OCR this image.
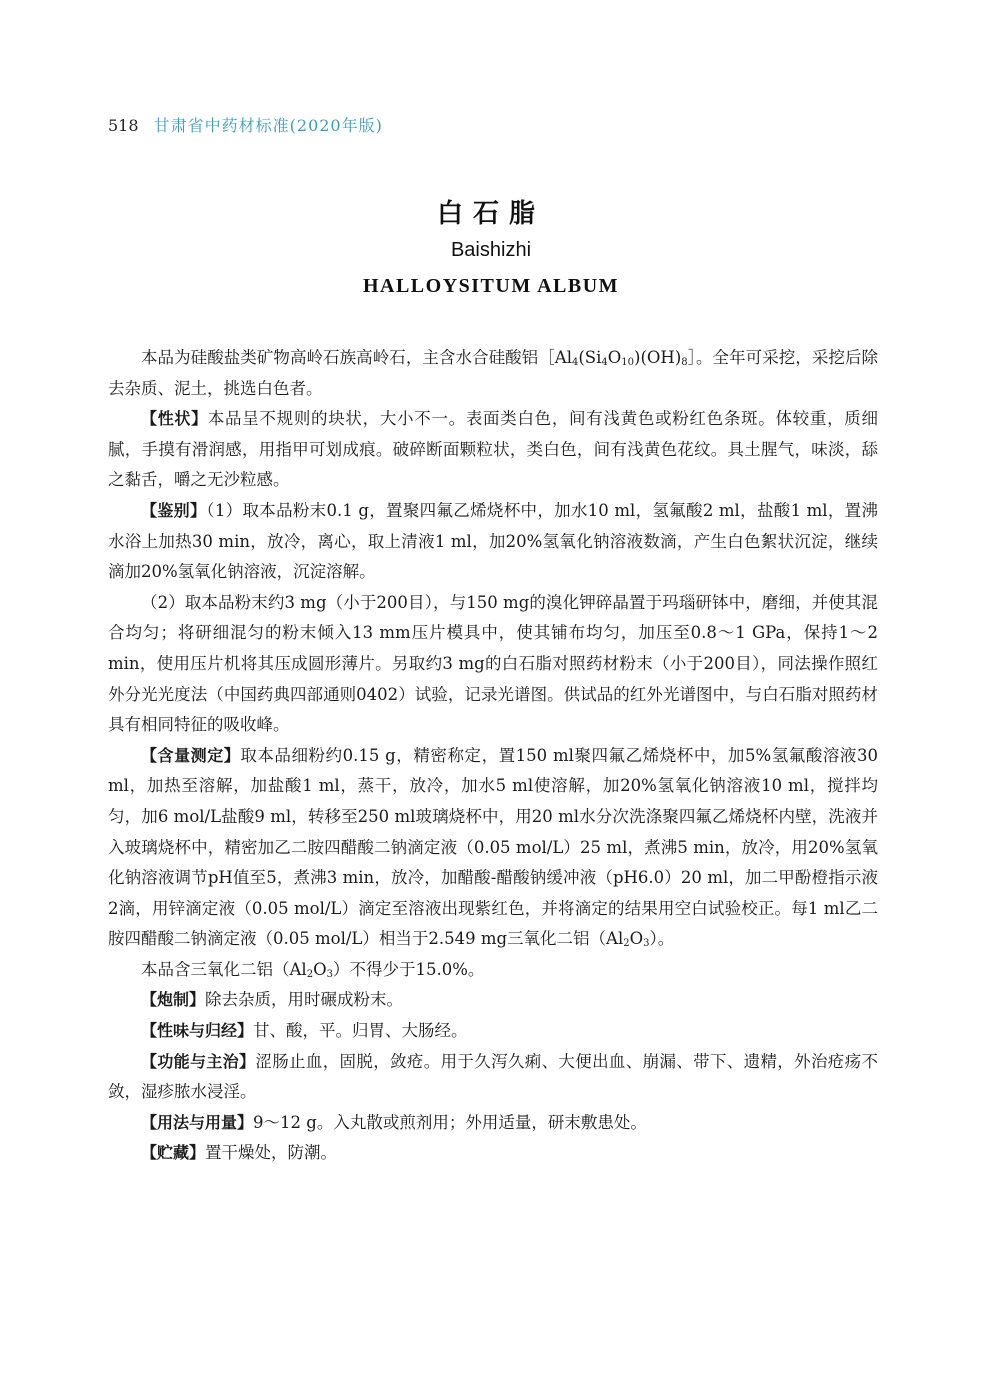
518 甘肃省中药材标准(2020年版)
白石脂
Baishizhi
HALLOYSITUM ALBUM

本品为硅酸盐类矿物高岭石族高岭石，主含水合硅酸铝$[Al_4(Si_4O_{10})(OH)_8]$。全年可采挖，采挖后除去杂质、泥土，挑选白色者。

【性状】本品呈不规则的块状，大小不一。表面类白色，间有浅黄色或粉红色条斑。体较重，质细腻，手摸有滑润感，用指甲可划成痕。破碎断面颗粒状，类白色，间有浅黄色花纹。具土腥气，味淡，舔之黏舌，嚼之无沙粒感。

【鉴别】（1）取本品粉末0.1 g，置聚四氟乙烯烧杯中，加水10 ml，氢氟酸2 ml，盐酸1 ml，置沸水浴上加热30 min，放冷，离心，取上清液1 ml，加20%氢氧化钠溶液数滴，产生白色絮状沉淀，继续滴加20%氢氧化钠溶液，沉淀溶解。

（2）取本品粉末约3 mg（小于200目），与150 mg的溴化钾碎晶置于玛瑙研钵中，磨细，并使其混合均匀；将研细混匀的粉末倾入13 mm压片模具中，使其铺布均匀，加压至0.8～1 GPa，保持1～2 min，使用压片机将其压成圆形薄片。另取约3 mg的白石脂对照药材粉末（小于200目），同法操作照红外分光光度法（中国药典四部通则0402）试验，记录光谱图。供试品的红外光谱图中，与白石脂对照药材具有相同特征的吸收峰。

【含量测定】取本品细粉约0.15 g，精密称定，置150 ml聚四氟乙烯烧杯中，加5%氢氟酸溶液30 ml，加热至溶解，加盐酸1 ml，蒸干，放冷，加水5 ml使溶解，加20%氢氧化钠溶液10 ml，搅拌均匀，加6 mol/L盐酸9 ml，转移至250 ml玻璃烧杯中，用20 ml水分次洗涤聚四氟乙烯烧杯内壁，洗液并入玻璃烧杯中，精密加乙二胺四醋酸二钠滴定液（0.05 mol/L）25 ml，煮沸5 min，放冷，用20%氢氧化钠溶液调节pH值至5，煮沸3 min，放冷，加醋酸-醋酸钠缓冲液（pH6.0）20 ml，加二甲酚橙指示液2滴，用锌滴定液（0.05 mol/L）滴定至溶液出现紫红色，并将滴定的结果用空白试验校正。每1 ml乙二胺四醋酸二钠滴定液（0.05 mol/L）相当于2.549 mg三氧化二铝$(Al_2O_3)$。

本品含三氧化二铝$(Al_2O_3)$不得少于15.0%。

【炮制】除去杂质，用时碾成粉末。

【性味与归经】甘、酸，平。归胃、大肠经。

【功能与主治】涩肠止血，固脱，敛疮。用于久泻久痢、大便出血、崩漏、带下、遗精，外治疮疡不敛，湿疹脓水浸淫。

【用法与用量】9～12 g。入丸散或煎剂用；外用适量，研末敷患处。

【贮藏】置干燥处，防潮。
